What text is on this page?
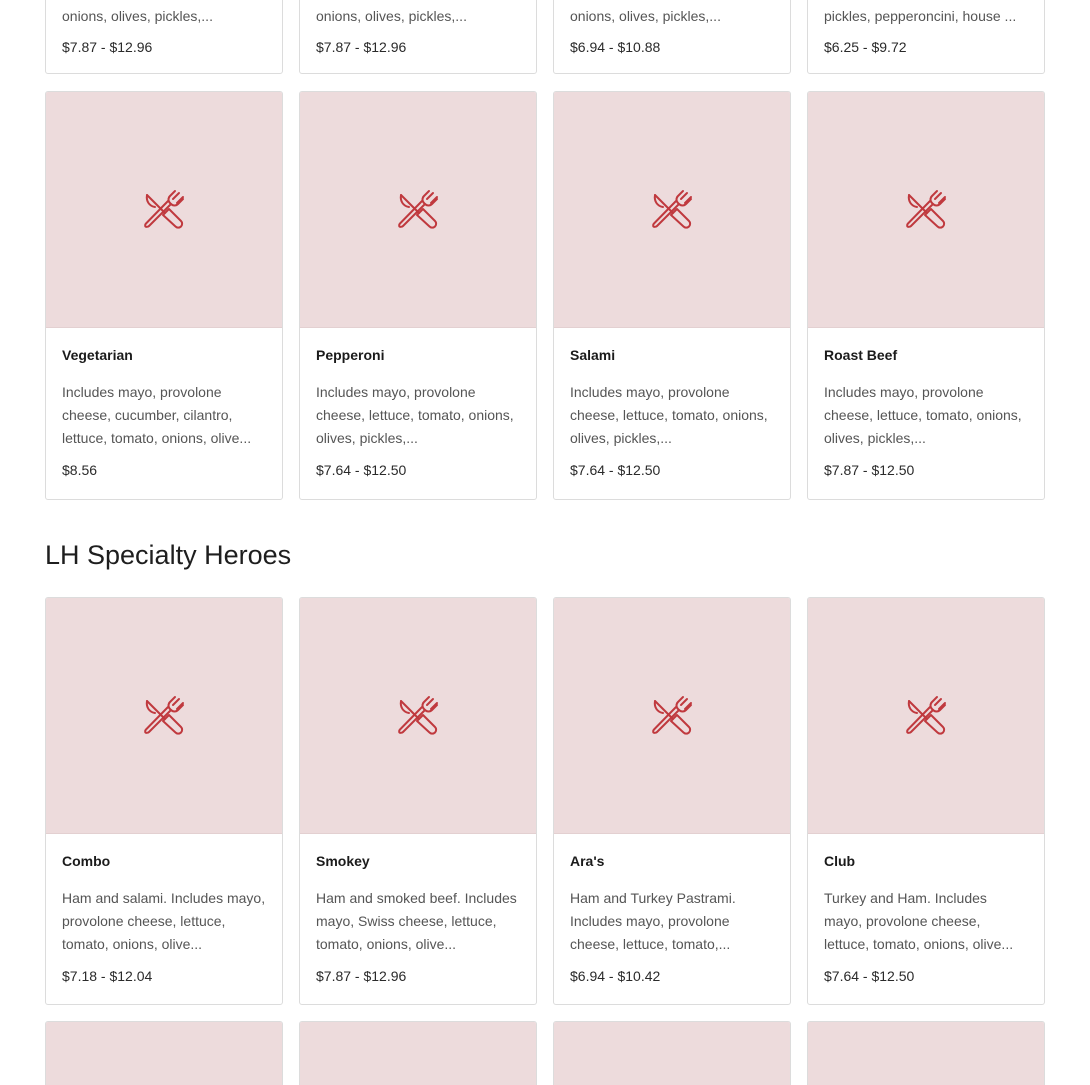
onions, olives, pickles,...
$7.87 - $12.96
onions, olives, pickles,...
$7.87 - $12.96
onions, olives, pickles,...
$6.94 - $10.88
pickles, pepperoncini, house ...
$6.25 - $9.72
Vegetarian
Includes mayo, provolone cheese, cucumber, cilantro, lettuce, tomato, onions, olive...
$8.56
Pepperoni
Includes mayo, provolone cheese, lettuce, tomato, onions, olives, pickles,...
$7.64 - $12.50
Salami
Includes mayo, provolone cheese, lettuce, tomato, onions, olives, pickles,...
$7.64 - $12.50
Roast Beef
Includes mayo, provolone cheese, lettuce, tomato, onions, olives, pickles,...
$7.87 - $12.50
LH Specialty Heroes
Combo
Ham and salami. Includes mayo, provolone cheese, lettuce, tomato, onions, olive...
$7.18 - $12.04
Smokey
Ham and smoked beef. Includes mayo, Swiss cheese, lettuce, tomato, onions, olive...
$7.87 - $12.96
Ara's
Ham and Turkey Pastrami. Includes mayo, provolone cheese, lettuce, tomato,...
$6.94 - $10.42
Club
Turkey and Ham. Includes mayo, provolone cheese, lettuce, tomato, onions, olive...
$7.64 - $12.50
